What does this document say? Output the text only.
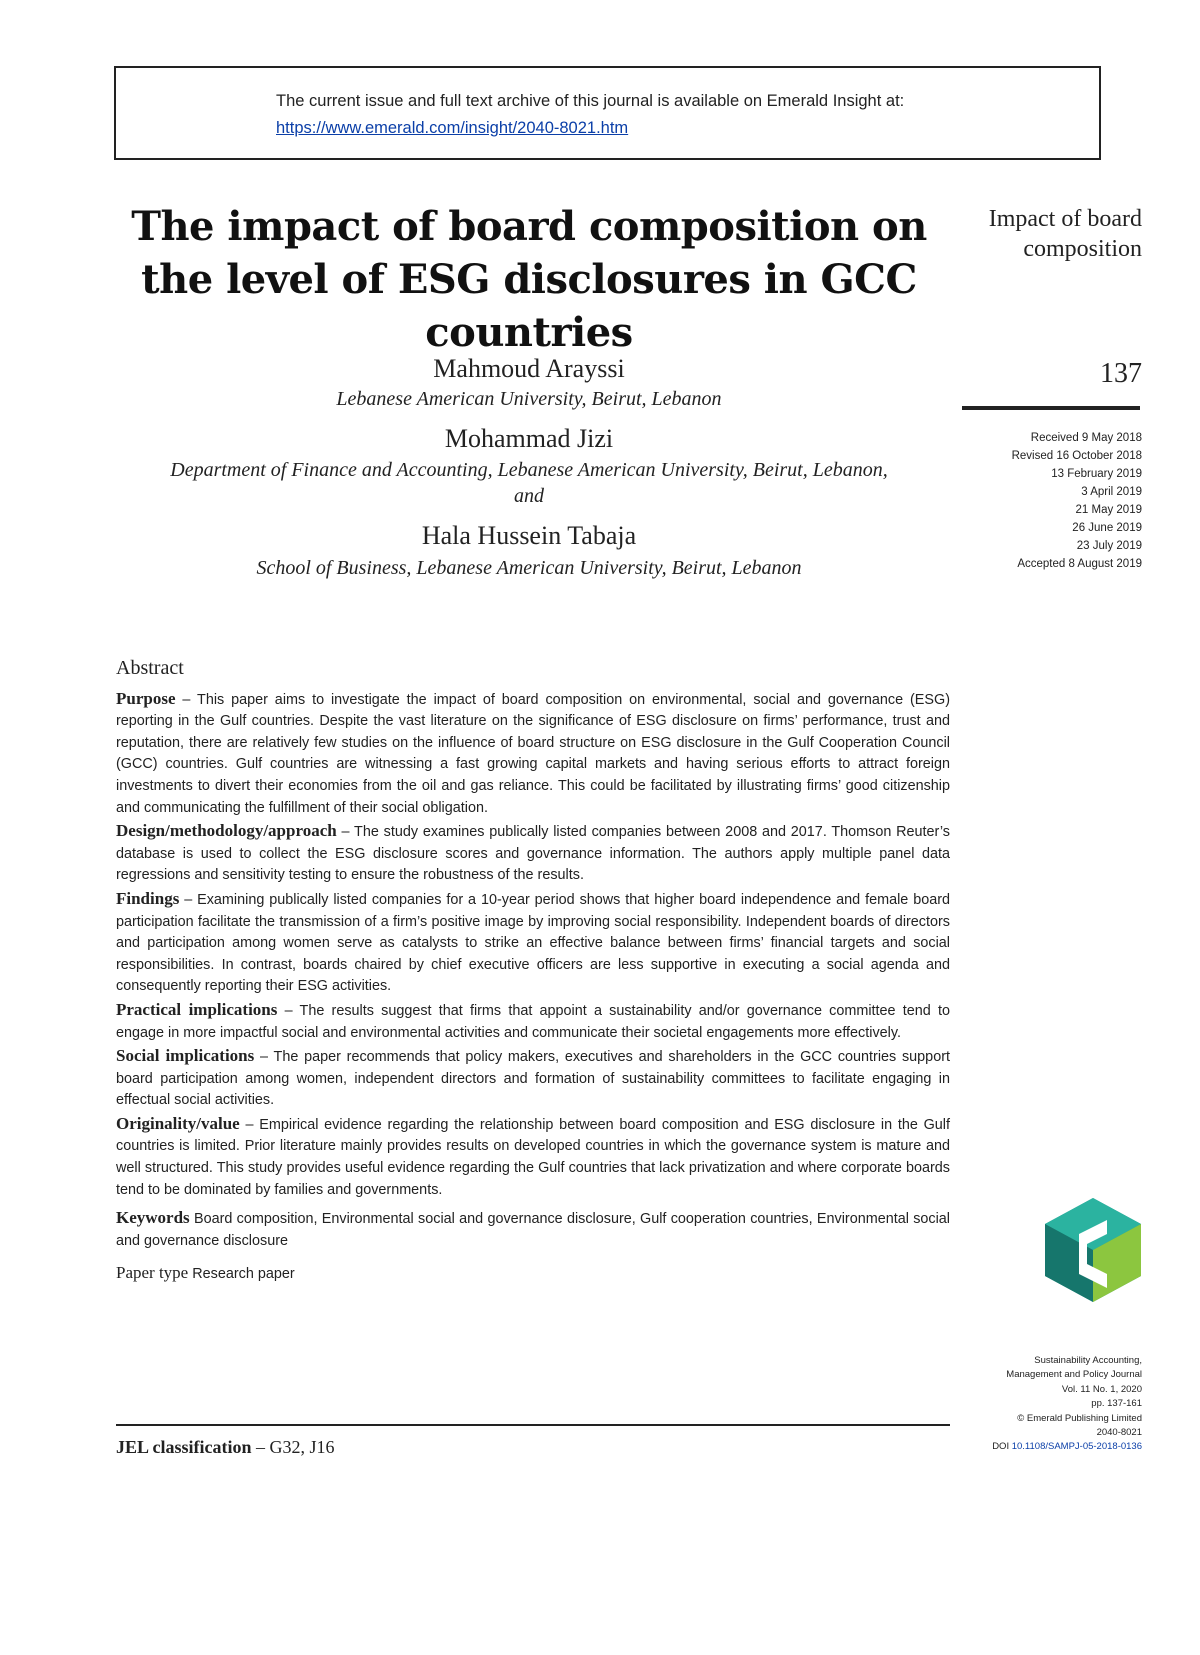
The current issue and full text archive of this journal is available on Emerald Insight at:
https://www.emerald.com/insight/2040-8021.htm
The impact of board composition on the level of ESG disclosures in GCC countries
Mahmoud Arayssi
Lebanese American University, Beirut, Lebanon
Mohammad Jizi
Department of Finance and Accounting, Lebanese American University, Beirut, Lebanon, and
Hala Hussein Tabaja
School of Business, Lebanese American University, Beirut, Lebanon
Impact of board composition
137
Received 9 May 2018
Revised 16 October 2018
13 February 2019
3 April 2019
21 May 2019
26 June 2019
23 July 2019
Accepted 8 August 2019
Abstract
Purpose – This paper aims to investigate the impact of board composition on environmental, social and governance (ESG) reporting in the Gulf countries. Despite the vast literature on the significance of ESG disclosure on firms’ performance, trust and reputation, there are relatively few studies on the influence of board structure on ESG disclosure in the Gulf Cooperation Council (GCC) countries. Gulf countries are witnessing a fast growing capital markets and having serious efforts to attract foreign investments to divert their economies from the oil and gas reliance. This could be facilitated by illustrating firms’ good citizenship and communicating the fulfillment of their social obligation.
Design/methodology/approach – The study examines publically listed companies between 2008 and 2017. Thomson Reuter’s database is used to collect the ESG disclosure scores and governance information. The authors apply multiple panel data regressions and sensitivity testing to ensure the robustness of the results.
Findings – Examining publically listed companies for a 10-year period shows that higher board independence and female board participation facilitate the transmission of a firm’s positive image by improving social responsibility. Independent boards of directors and participation among women serve as catalysts to strike an effective balance between firms’ financial targets and social responsibilities. In contrast, boards chaired by chief executive officers are less supportive in executing a social agenda and consequently reporting their ESG activities.
Practical implications – The results suggest that firms that appoint a sustainability and/or governance committee tend to engage in more impactful social and environmental activities and communicate their societal engagements more effectively.
Social implications – The paper recommends that policy makers, executives and shareholders in the GCC countries support board participation among women, independent directors and formation of sustainability committees to facilitate engaging in effectual social activities.
Originality/value – Empirical evidence regarding the relationship between board composition and ESG disclosure in the Gulf countries is limited. Prior literature mainly provides results on developed countries in which the governance system is mature and well structured. This study provides useful evidence regarding the Gulf countries that lack privatization and where corporate boards tend to be dominated by families and governments.
Keywords Board composition, Environmental social and governance disclosure, Gulf cooperation countries, Environmental social and governance disclosure
Paper type Research paper
JEL classification – G32, J16
Sustainability Accounting,
Management and Policy Journal
Vol. 11 No. 1, 2020
pp. 137-161
© Emerald Publishing Limited
2040-8021
DOI 10.1108/SAMPJ-05-2018-0136
